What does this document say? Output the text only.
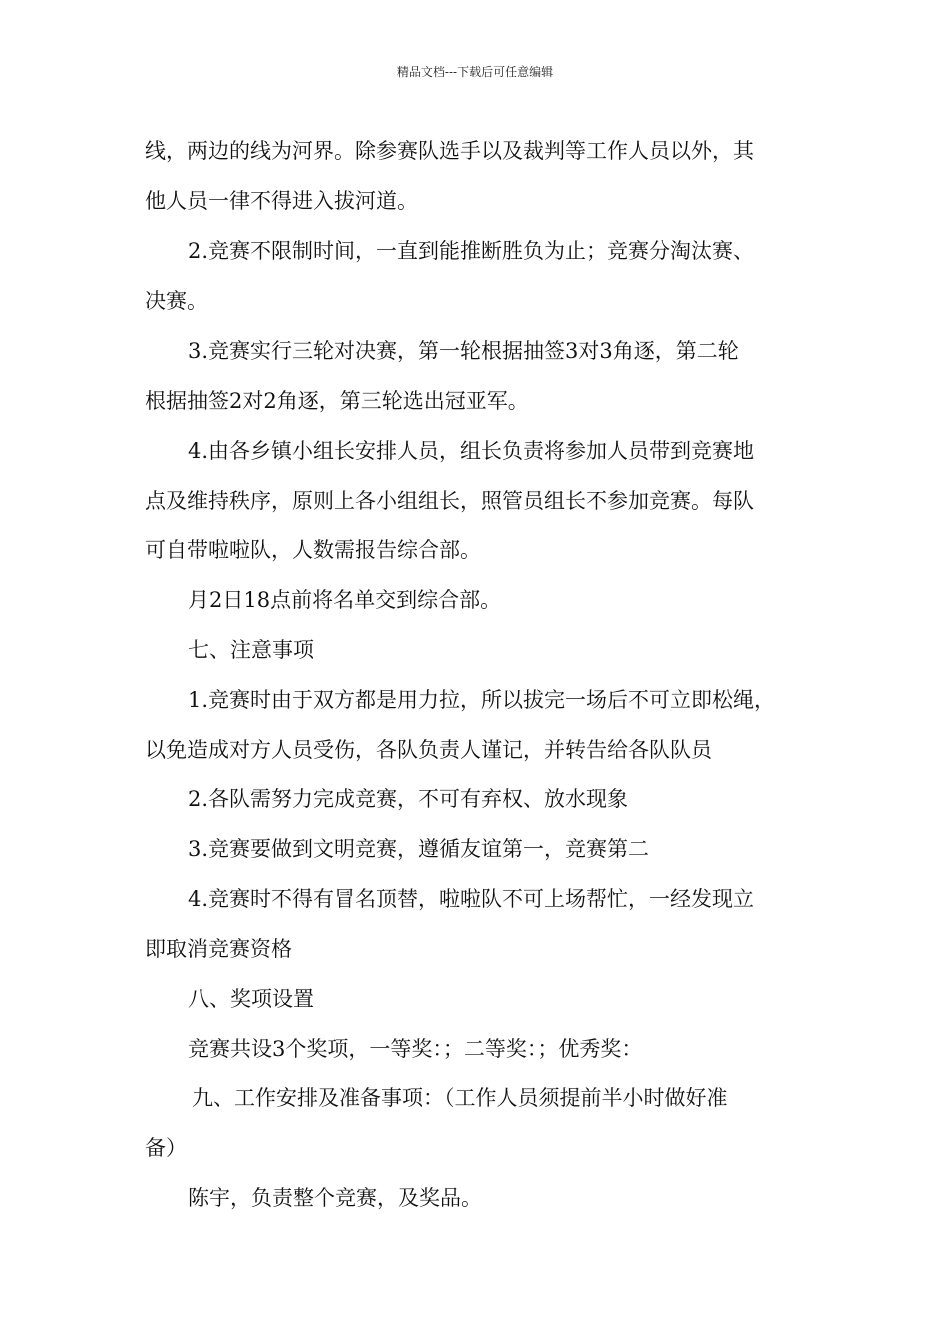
精品文档---下载后可任意编辑
线，两边的线为河界。除参赛队选手以及裁判等工作人员以外，其
他人员一律不得进入拔河道。
2.竞赛不限制时间，一直到能推断胜负为止；竞赛分淘汰赛、
决赛。
3.竞赛实行三轮对决赛，第一轮根据抽签3对3角逐，第二轮
根据抽签2对2角逐，第三轮选出冠亚军。
4.由各乡镇小组长安排人员，组长负责将参加人员带到竞赛地
点及维持秩序，原则上各小组组长，照管员组长不参加竞赛。每队
可自带啦啦队，人数需报告综合部。
月2日18点前将名单交到综合部。
七、注意事项
1.竞赛时由于双方都是用力拉，所以拔完一场后不可立即松绳，
以免造成对方人员受伤，各队负责人谨记，并转告给各队队员
2.各队需努力完成竞赛，不可有弃权、放水现象
3.竞赛要做到文明竞赛，遵循友谊第一，竞赛第二
4.竞赛时不得有冒名顶替，啦啦队不可上场帮忙，一经发现立
即取消竞赛资格
八、奖项设置
竞赛共设3个奖项，一等奖：；二等奖：；优秀奖：
九、工作安排及准备事项：（工作人员须提前半小时做好准
备）
陈宇，负责整个竞赛，及奖品。
